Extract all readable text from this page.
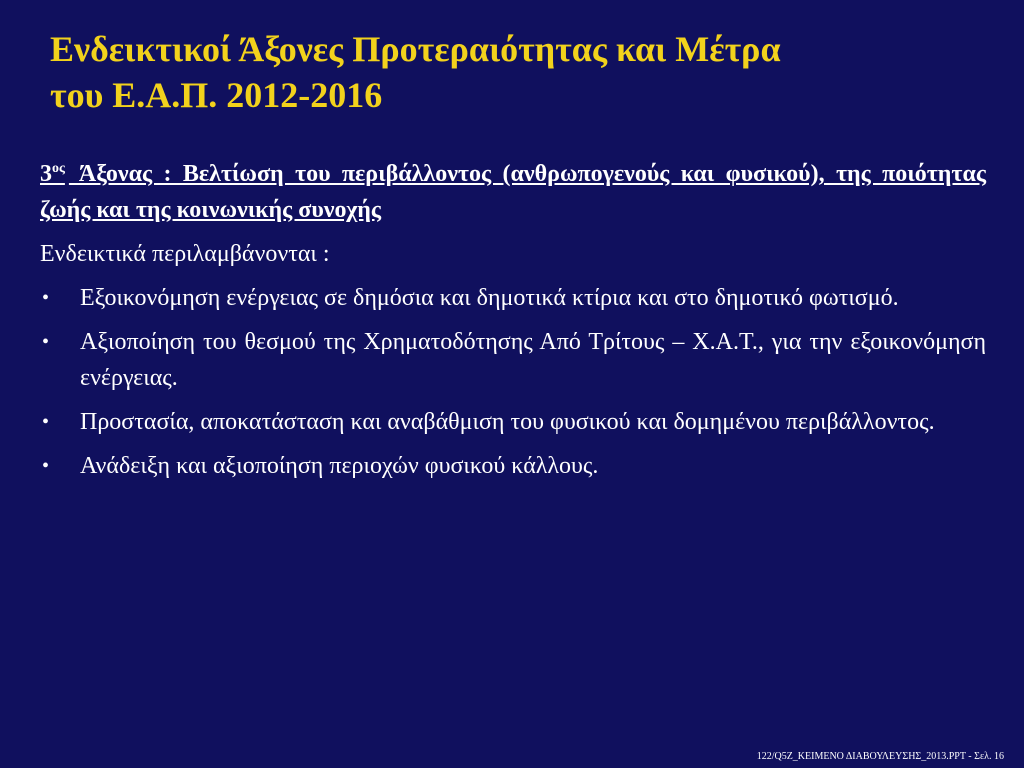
Ενδεικτικοί Άξονες Προτεραιότητας και Μέτρα
του Ε.Α.Π. 2012-2016

$3^{o\varsigma}$ Άξονας : Βελτίωση του περιβάλλοντος (ανθρωπογενούς και φυσικού), της ποιότητας ζωής και της κοινωνικής συνοχής

Ενδεικτικά περιλαμβάνονται :

• Εξοικονόμηση ενέργειας σε δημόσια και δημοτικά κτίρια και στο δημοτικό φωτισμό.
• Αξιοποίηση του θεσμού της Χρηματοδότησης Από Τρίτους – Χ.Α.Τ., για την εξοικονόμηση ενέργειας.
• Προστασία, αποκατάσταση και αναβάθμιση του φυσικού και δομημένου περιβάλλοντος.
• Ανάδειξη και αξιοποίηση περιοχών φυσικού κάλλους.
122/Q5Z_ΚΕΙΜΕΝΟ ΔΙΑΒΟΥΛΕΥΣΗΣ_2013.PPT - Σελ. 16
